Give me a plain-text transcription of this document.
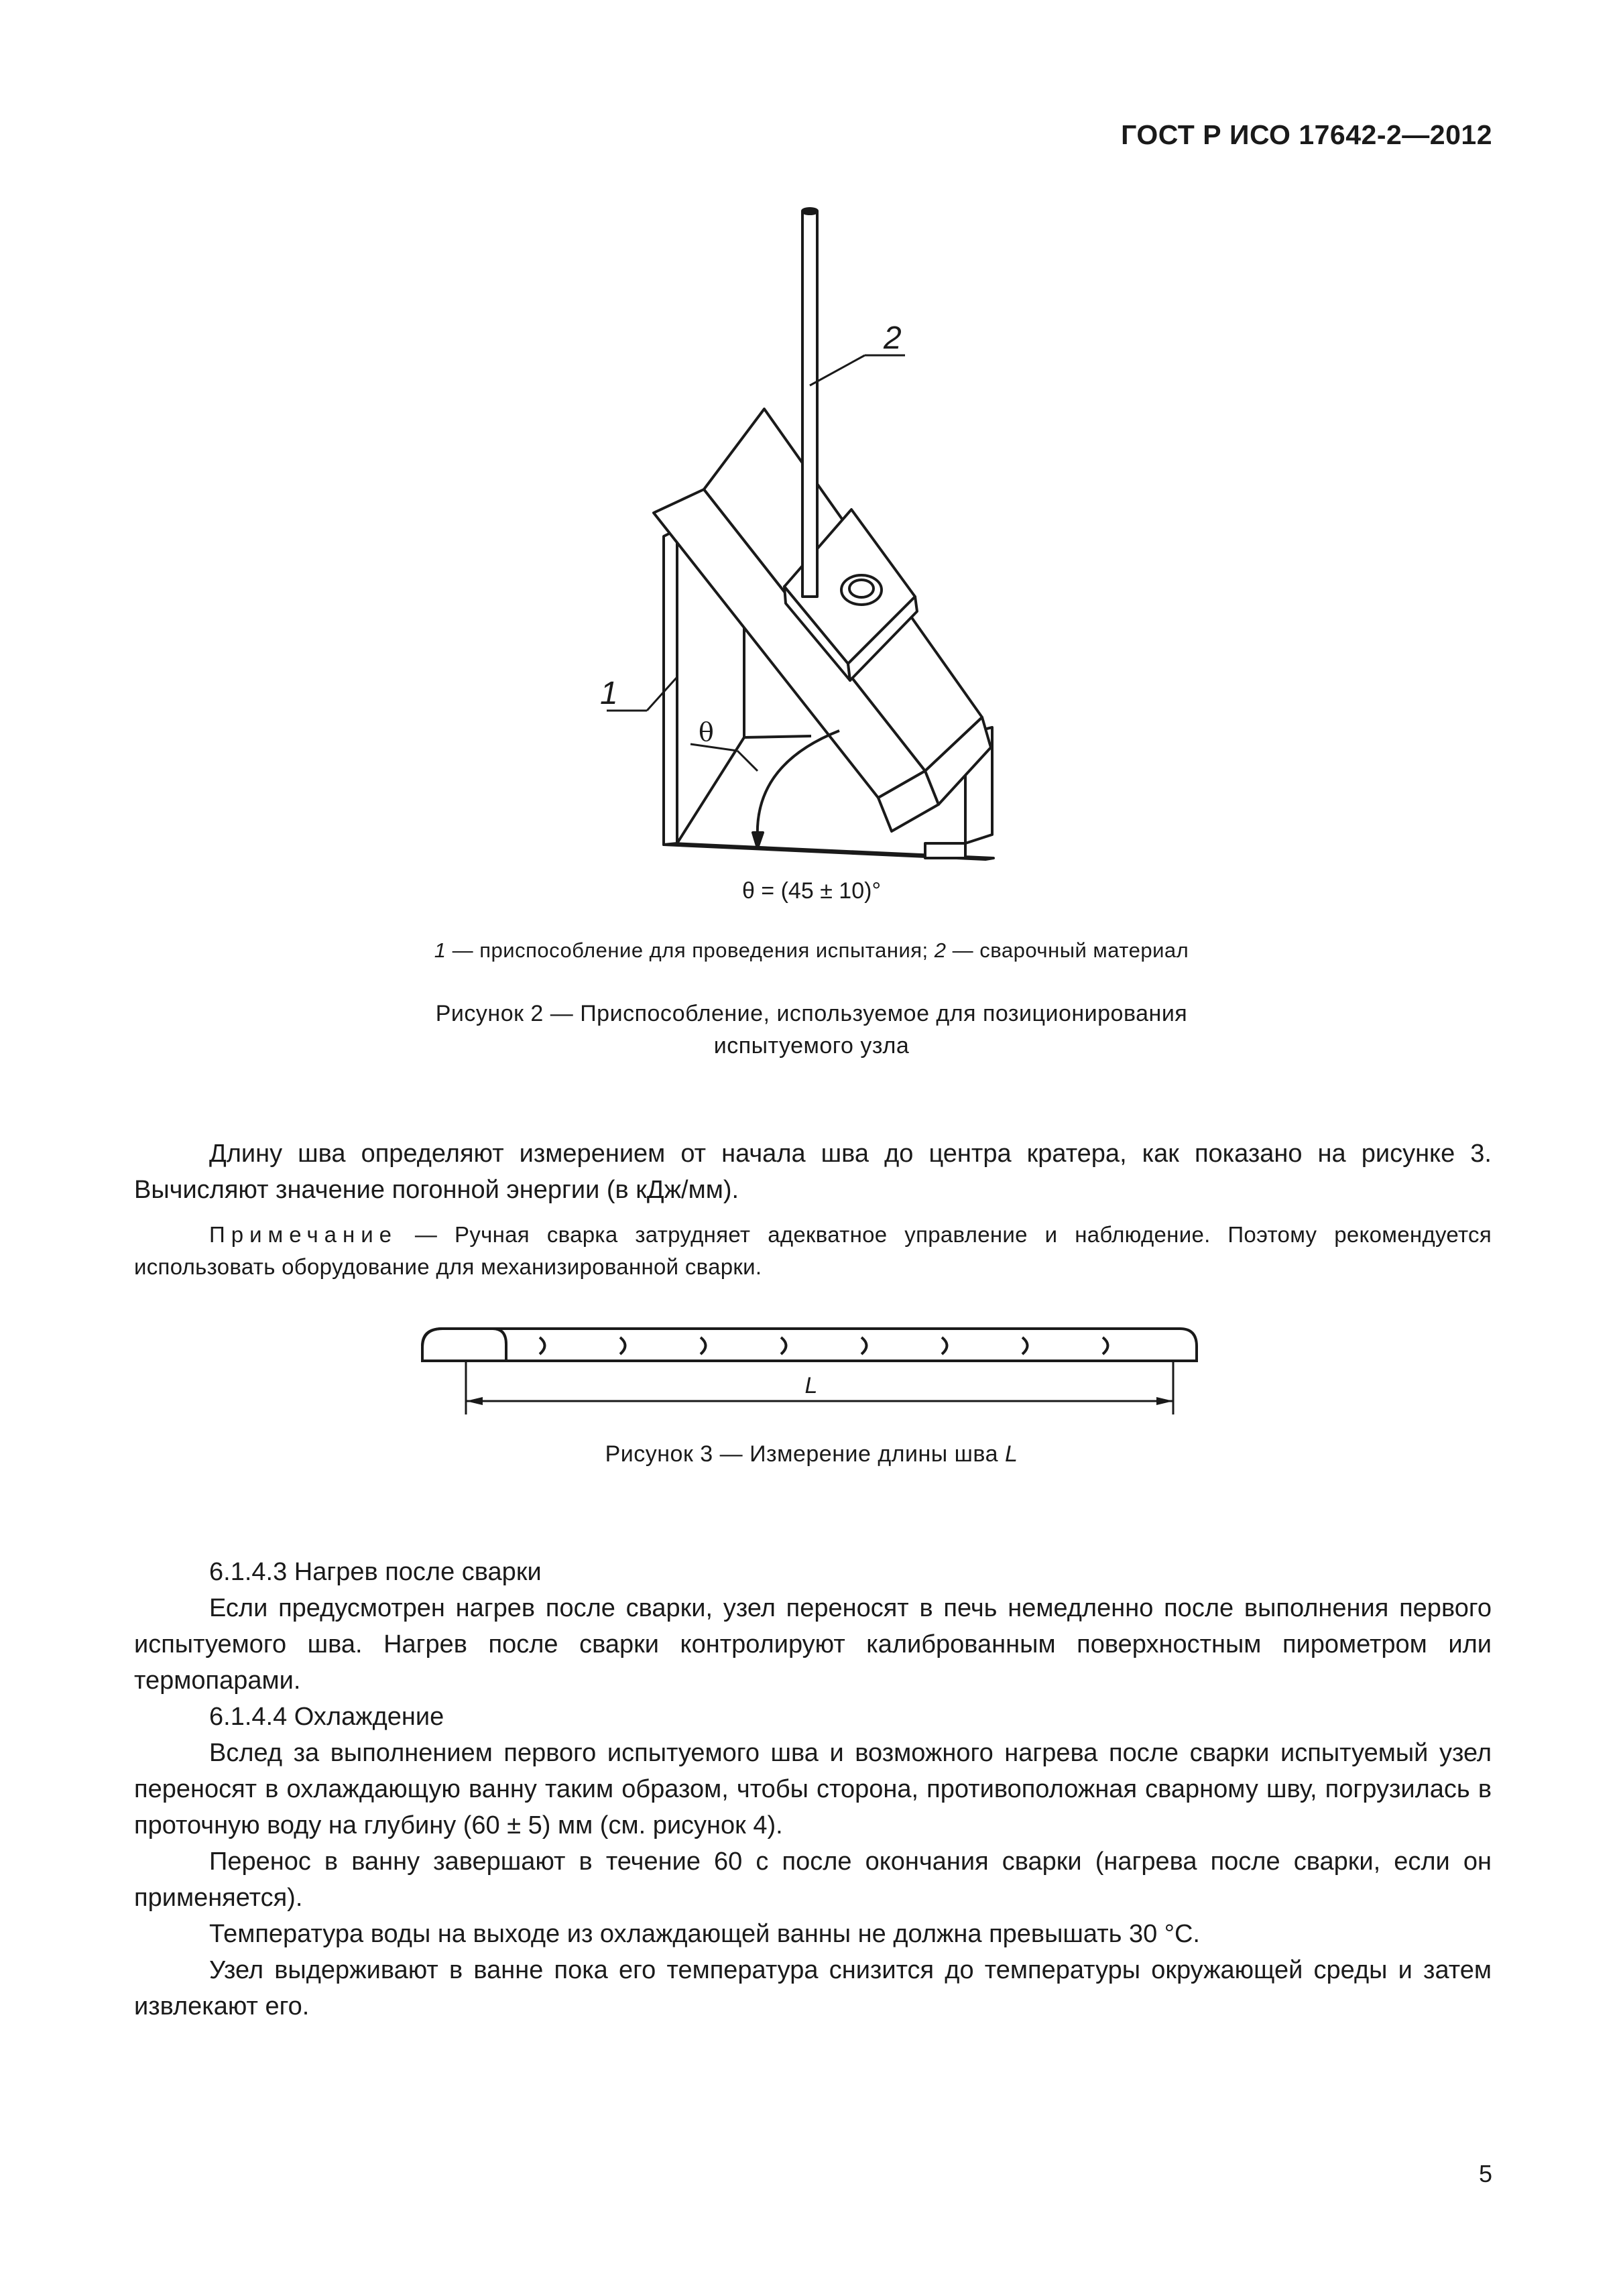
ГОСТ Р ИСО 17642-2—2012
2
1
θ
θ = (45 ± 10)°
1 — приспособление для проведения испытания; 2 — сварочный материал
Рисунок 2 — Приспособление, используемое для позиционирования
испытуемого узла
Длину шва определяют измерением от начала шва до центра кратера, как показано на рисунке 3. Вычисляют значение погонной энергии (в кДж/мм).
Примечание — Ручная сварка затрудняет адекватное управление и наблюдение. Поэтому рекомендуется использовать оборудование для механизированной сварки.
L
Рисунок 3 — Измерение длины шва L
6.1.4.3 Нагрев после сварки
Если предусмотрен нагрев после сварки, узел переносят в печь немедленно после выполнения первого испытуемого шва. Нагрев после сварки контролируют калиброванным поверхностным пирометром или термопарами.
6.1.4.4 Охлаждение
Вслед за выполнением первого испытуемого шва и возможного нагрева после сварки испытуемый узел переносят в охлаждающую ванну таким образом, чтобы сторона, противоположная сварному шву, погрузилась в проточную воду на глубину (60 ± 5) мм (см. рисунок 4).
Перенос в ванну завершают в течение 60 с после окончания сварки (нагрева после сварки, если он применяется).
Температура воды на выходе из охлаждающей ванны не должна превышать 30 °С.
Узел выдерживают в ванне пока его температура снизится до температуры окружающей среды и затем извлекают его.
5
